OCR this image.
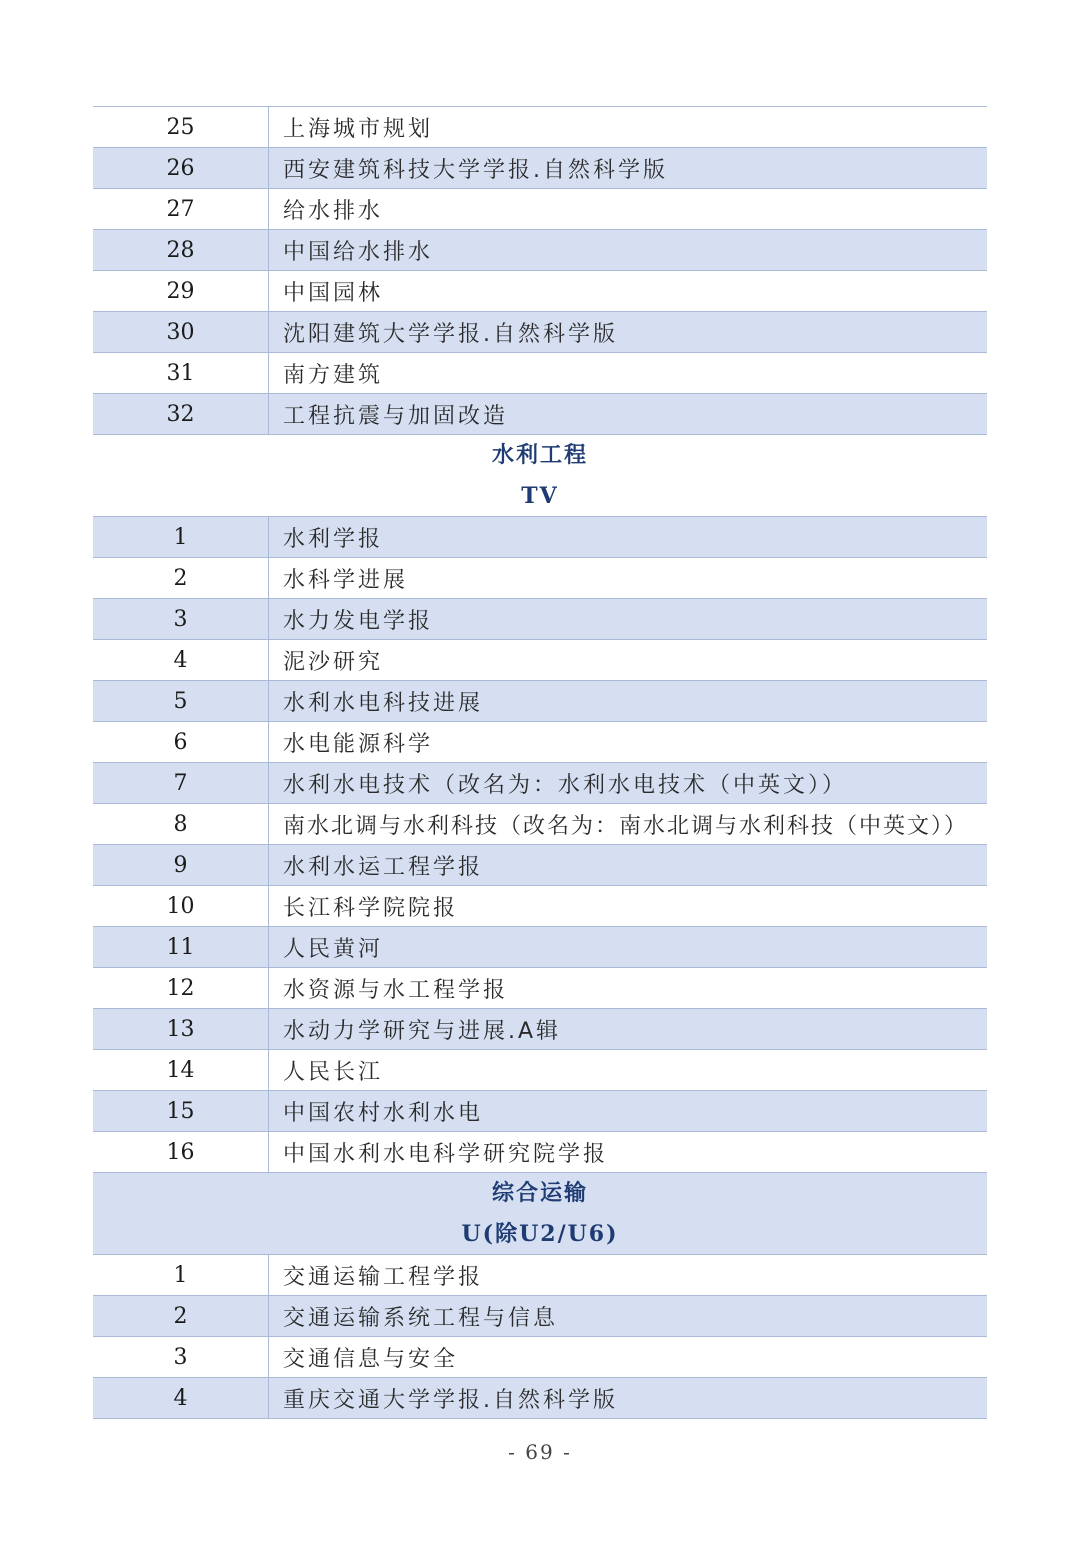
25	上海城市规划
26	西安建筑科技大学学报.自然科学版
27	给水排水
28	中国给水排水
29	中国园林
30	沈阳建筑大学学报.自然科学版
31	南方建筑
32	工程抗震与加固改造
水利工程
TV
1	水利学报
2	水科学进展
3	水力发电学报
4	泥沙研究
5	水利水电科技进展
6	水电能源科学
7	水利水电技术（改名为：水利水电技术（中英文））
8	南水北调与水利科技（改名为：南水北调与水利科技（中英文））
9	水利水运工程学报
10	长江科学院院报
11	人民黄河
12	水资源与水工程学报
13	水动力学研究与进展.A辑
14	人民长江
15	中国农村水利水电
16	中国水利水电科学研究院学报
综合运输
U(除U2/U6)
1	交通运输工程学报
2	交通运输系统工程与信息
3	交通信息与安全
4	重庆交通大学学报.自然科学版
- 69 -
